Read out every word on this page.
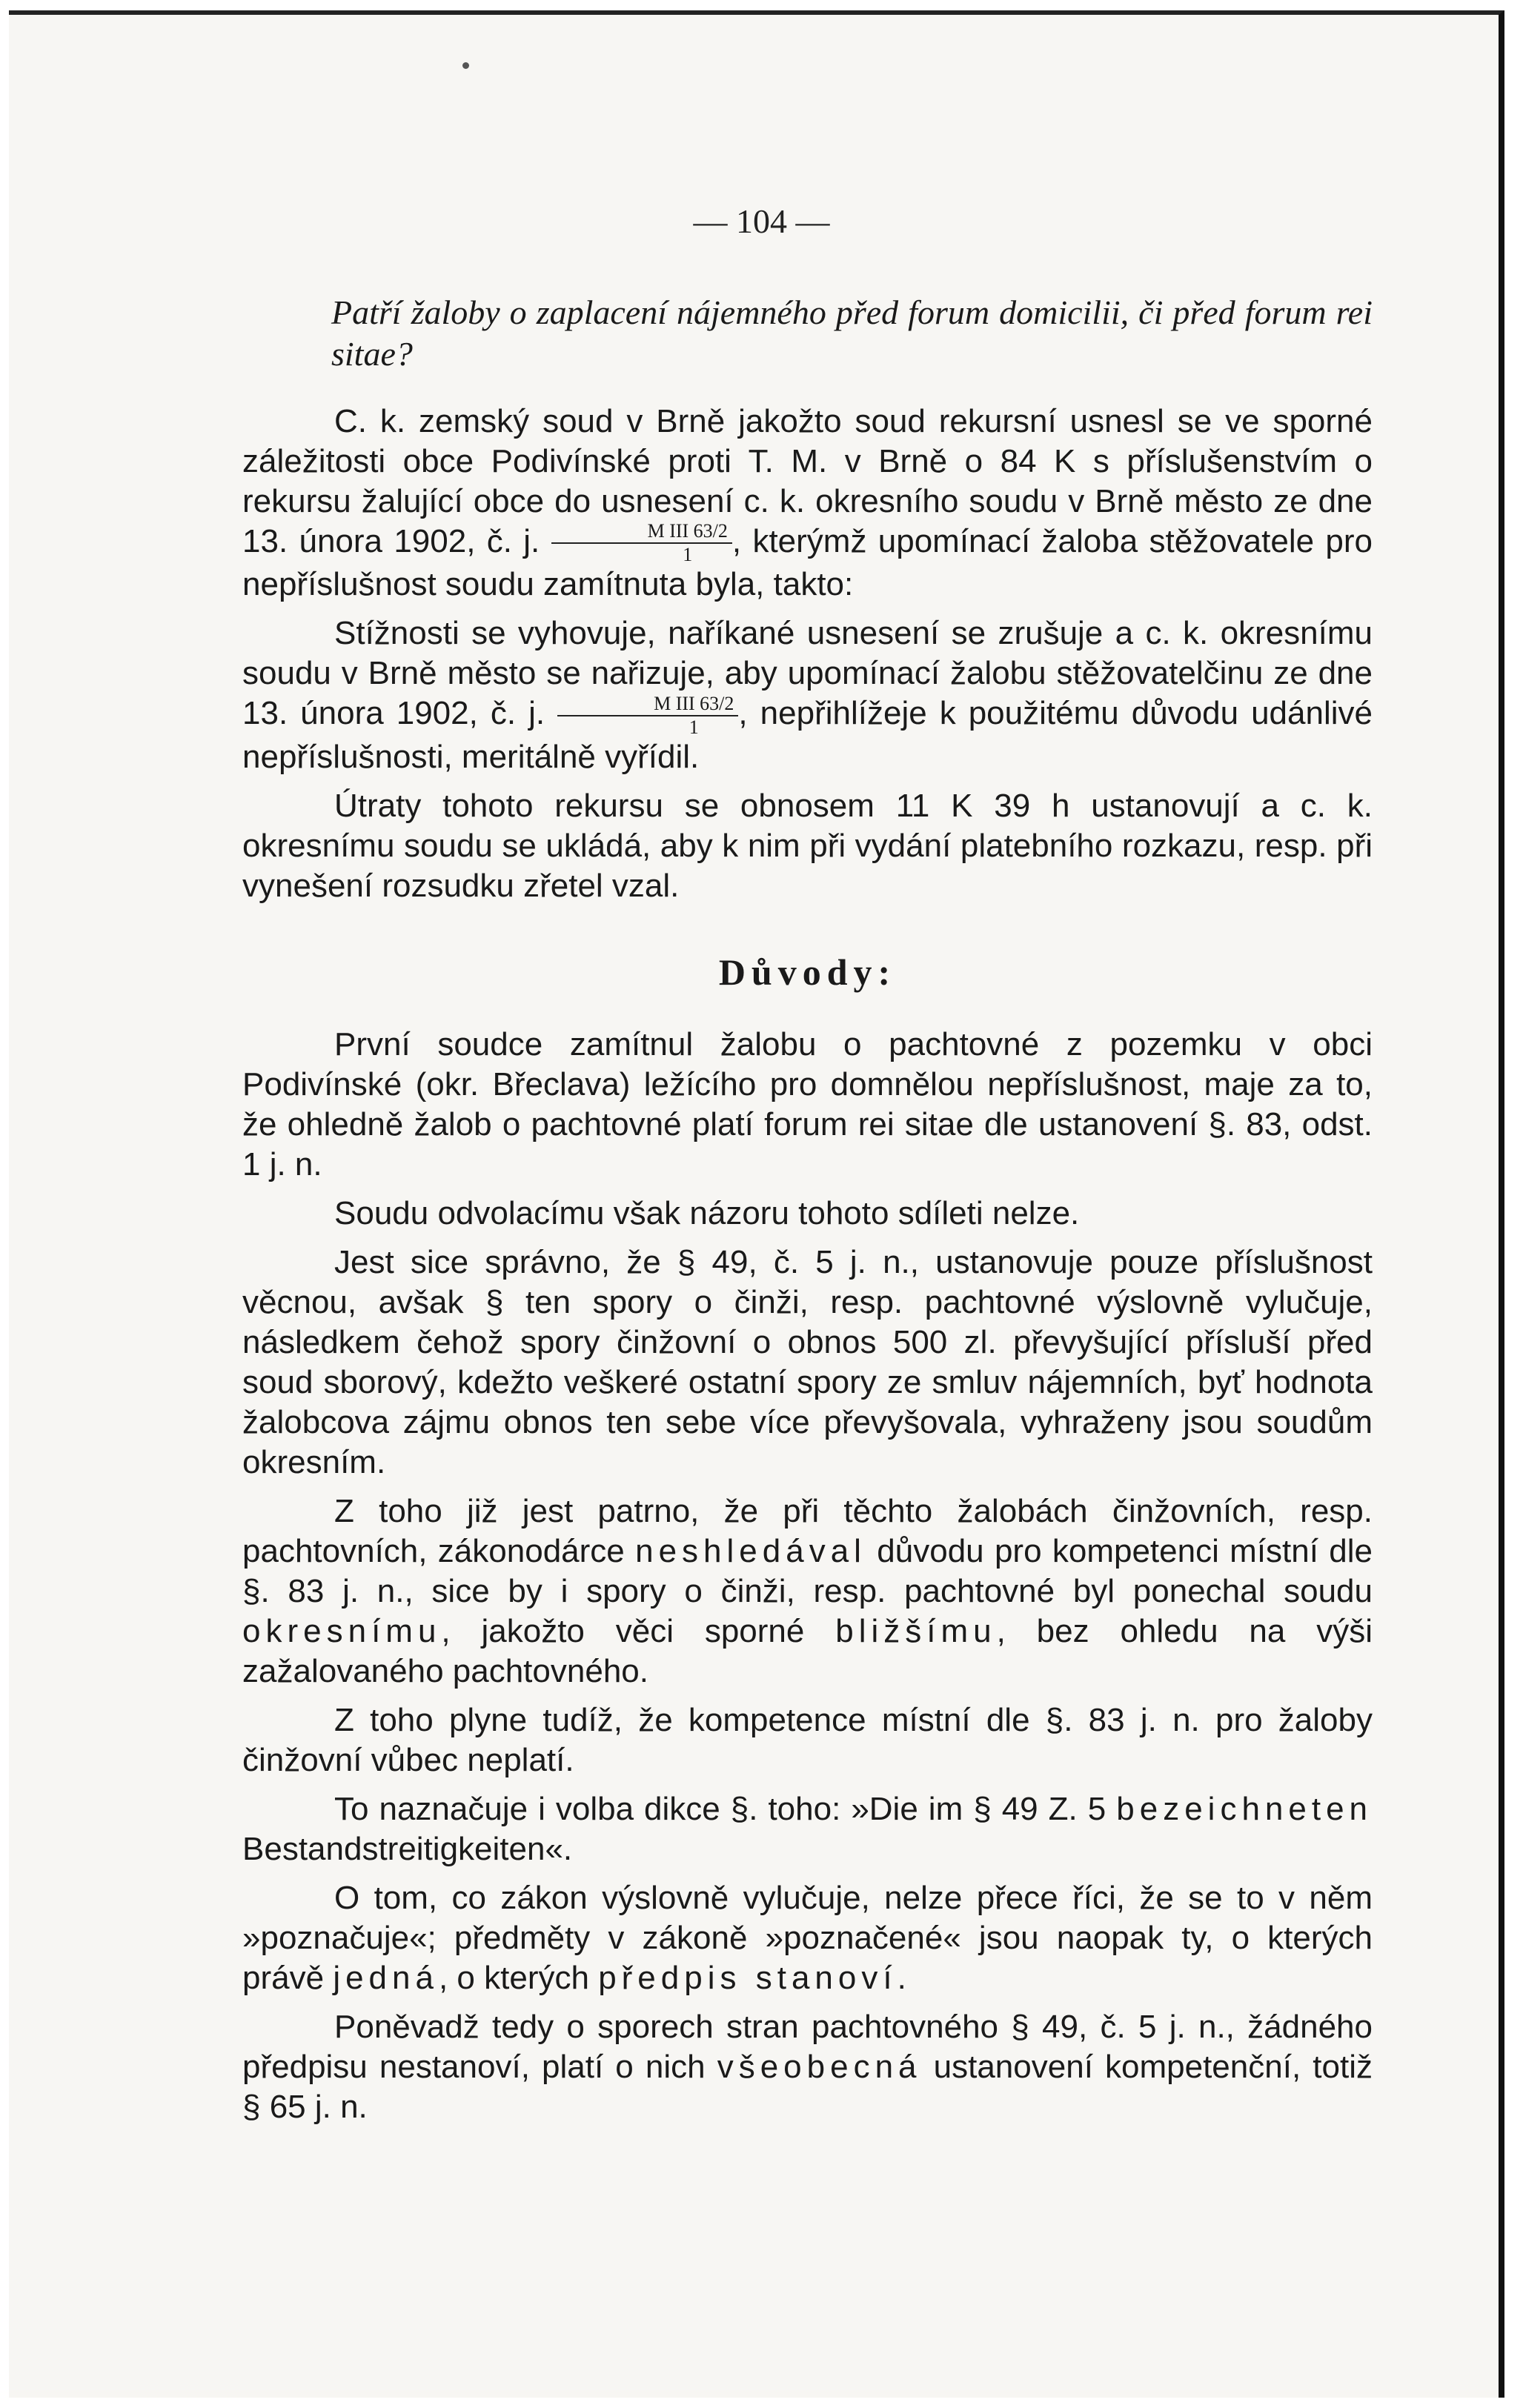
— 104 —

Patří žaloby o zaplacení nájemného před forum domicilii, či před forum rei sitae?

C. k. zemský soud v Brně jakožto soud rekursní usnesl se ve sporné záležitosti obce Podivínské proti T. M. v Brně o 84 K s příslušenstvím o rekursu žalující obce do usnesení c. k. okresního soudu v Brně město ze dne 13. února 1902, č. j. $\frac{\text{M III 63/2}}{1}$ , kterýmž upomínací žaloba stěžovatele pro nepříslušnost soudu zamítnuta byla, takto:

Stížnosti se vyhovuje, naříkané usnesení se zrušuje a c. k. okresnímu soudu v Brně město se nařizuje, aby upomínací žalobu stěžovatelčinu ze dne 13. února 1902, č. j. $\frac{\text{M III 63/2}}{1}$ , nepřihlížeje k použitému důvodu udánlivé nepříslušnosti, meritálně vyřídil.

Útraty tohoto rekursu se obnosem 11 K 39 h ustanovují a c. k. okresnímu soudu se ukládá, aby k nim při vydání platebního rozkazu, resp. při vynešení rozsudku zřetel vzal.

Důvody:

První soudce zamítnul žalobu o pachtovné z pozemku v obci Podivínské (okr. Břeclava) ležícího pro domnělou nepříslušnost, maje za to, že ohledně žalob o pachtovné platí forum rei sitae dle ustanovení §. 83, odst. 1 j. n.

Soudu odvolacímu však názoru tohoto sdíleti nelze.

Jest sice správno, že § 49, č. 5 j. n., ustanovuje pouze příslušnost věcnou, avšak § ten spory o činži, resp. pachtovné výslovně vylučuje, následkem čehož spory činžovní o obnos 500 zl. převyšující přísluší před soud sborový, kdežto veškeré ostatní spory ze smluv nájemních, byť hodnota žalobcova zájmu obnos ten sebe více převyšovala, vyhraženy jsou soudům okresním.

Z toho již jest patrno, že při těchto žalobách činžovních, resp. pachtovních, zákonodárce neshledával důvodu pro kompetenci místní dle §. 83 j. n., sice by i spory o činži, resp. pachtovné byl ponechal soudu okresnímu, jakožto věci sporné bližšímu, bez ohledu na výši zažalovaného pachtovného.

Z toho plyne tudíž, že kompetence místní dle §. 83 j. n. pro žaloby činžovní vůbec neplatí.

To naznačuje i volba dikce §. toho: »Die im § 49 Z. 5 bezeichneten Bestandstreitigkeiten«.

O tom, co zákon výslovně vylučuje, nelze přece říci, že se to v něm »poznačuje«; předměty v zákoně »poznačené« jsou naopak ty, o kterých právě jedná, o kterých předpis stanoví.

Poněvadž tedy o sporech stran pachtovného § 49, č. 5 j. n., žádného předpisu nestanoví, platí o nich všeobecná ustanovení kompetenční, totiž § 65 j. n.
